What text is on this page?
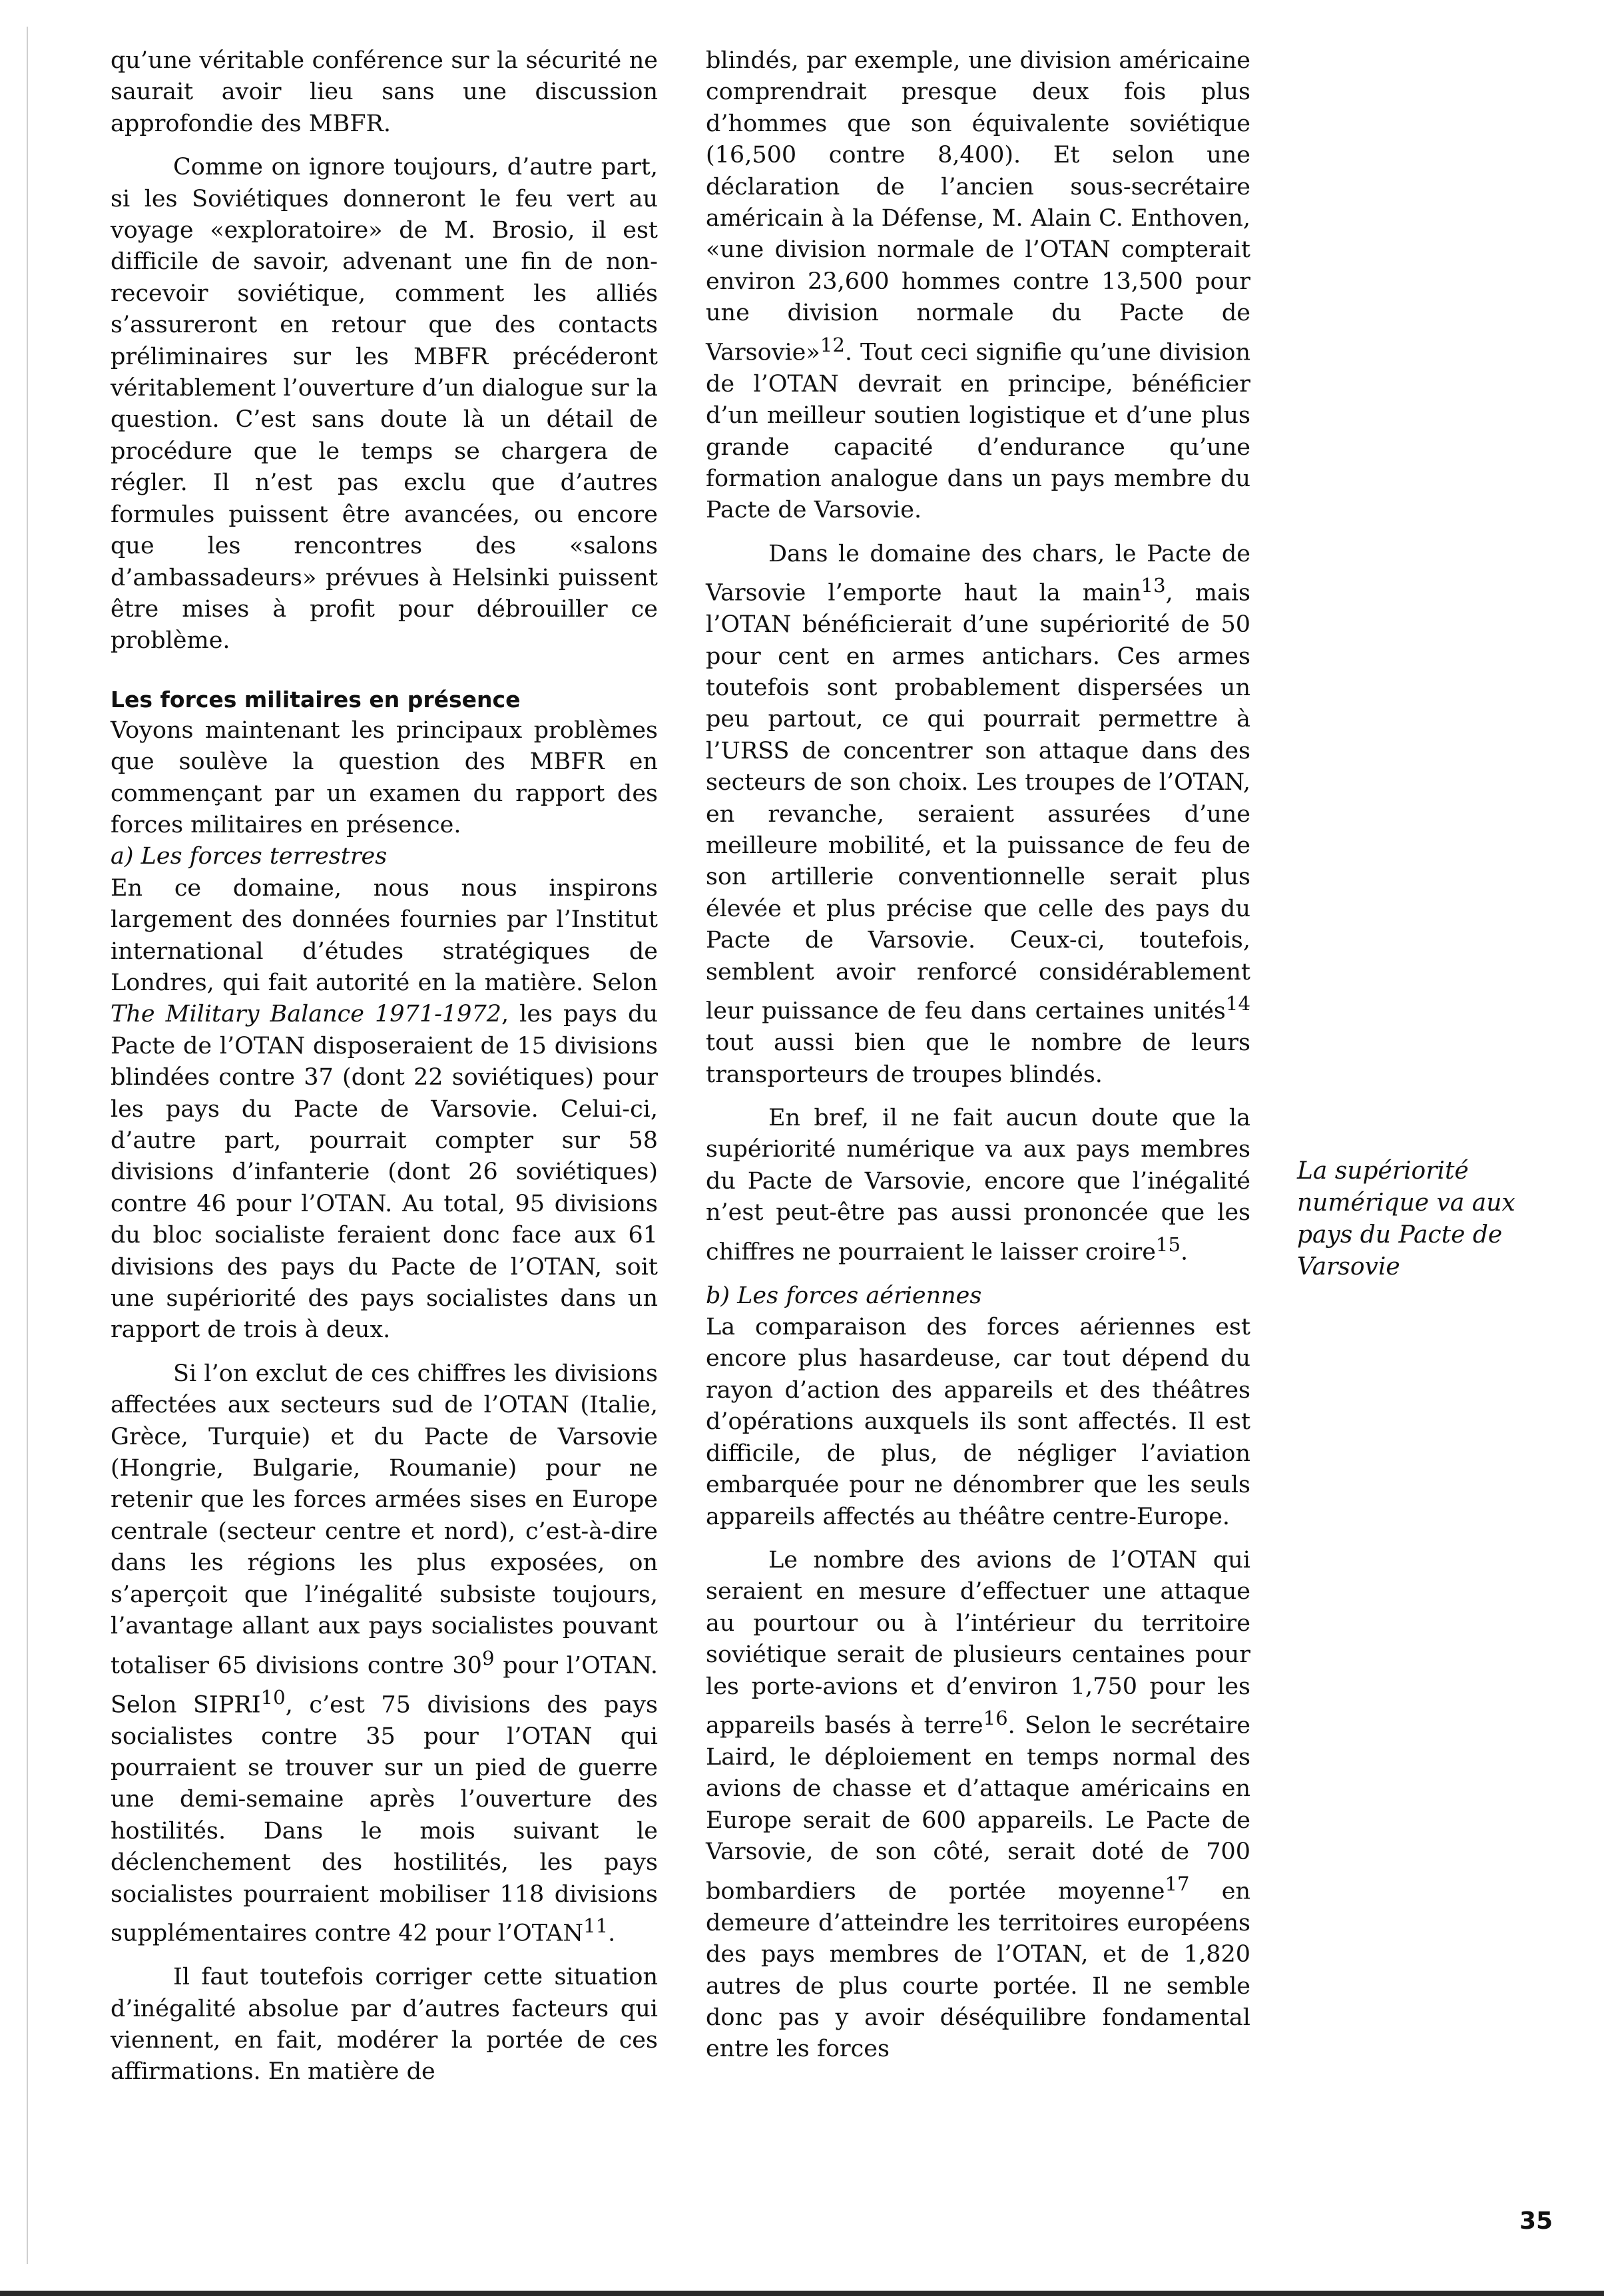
qu’une véritable conférence sur la sécurité ne saurait avoir lieu sans une discussion approfondie des MBFR.

Comme on ignore toujours, d’autre part, si les Soviétiques donneront le feu vert au voyage «exploratoire» de M. Brosio, il est difficile de savoir, advenant une fin de non-recevoir soviétique, comment les alliés s’assureront en retour que des contacts préliminaires sur les MBFR précéderont véritablement l’ouverture d’un dialogue sur la question. C’est sans doute là un détail de procédure que le temps se chargera de régler. Il n’est pas exclu que d’autres formules puissent être avancées, ou encore que les rencontres des «salons d’ambassadeurs» prévues à Helsinki puissent être mises à profit pour débrouiller ce problème.

Les forces militaires en présence

Voyons maintenant les principaux problèmes que soulève la question des MBFR en commençant par un examen du rapport des forces militaires en présence.

a) Les forces terrestres

En ce domaine, nous nous inspirons largement des données fournies par l’Institut international d’études stratégiques de Londres, qui fait autorité en la matière. Selon The Military Balance 1971-1972, les pays du Pacte de l’OTAN disposeraient de 15 divisions blindées contre 37 (dont 22 soviétiques) pour les pays du Pacte de Varsovie. Celui-ci, d’autre part, pourrait compter sur 58 divisions d’infanterie (dont 26 soviétiques) contre 46 pour l’OTAN. Au total, 95 divisions du bloc socialiste feraient donc face aux 61 divisions des pays du Pacte de l’OTAN, soit une supériorité des pays socialistes dans un rapport de trois à deux.

Si l’on exclut de ces chiffres les divisions affectées aux secteurs sud de l’OTAN (Italie, Grèce, Turquie) et du Pacte de Varsovie (Hongrie, Bulgarie, Roumanie) pour ne retenir que les forces armées sises en Europe centrale (secteur centre et nord), c’est-à-dire dans les régions les plus exposées, on s’aperçoit que l’inégalité subsiste toujours, l’avantage allant aux pays socialistes pouvant totaliser 65 divisions contre $30^9$ pour l’OTAN. Selon SIPRI$^{10}$, c’est 75 divisions des pays socialistes contre 35 pour l’OTAN qui pourraient se trouver sur un pied de guerre une demi-semaine après l’ouverture des hostilités. Dans le mois suivant le déclenchement des hostilités, les pays socialistes pourraient mobiliser 118 divisions supplémentaires contre 42 pour l’OTAN$^{11}$.

Il faut toutefois corriger cette situation d’inégalité absolue par d’autres facteurs qui viennent, en fait, modérer la portée de ces affirmations. En matière de

blindés, par exemple, une division américaine comprendrait presque deux fois plus d’hommes que son équivalente soviétique (16,500 contre 8,400). Et selon une déclaration de l’ancien sous-secrétaire américain à la Défense, M. Alain C. Enthoven, «une division normale de l’OTAN compterait environ 23,600 hommes contre 13,500 pour une division normale du Pacte de Varsovie»$^{12}$. Tout ceci signifie qu’une division de l’OTAN devrait en principe, bénéficier d’un meilleur soutien logistique et d’une plus grande capacité d’endurance qu’une formation analogue dans un pays membre du Pacte de Varsovie.

Dans le domaine des chars, le Pacte de Varsovie l’emporte haut la main$^{13}$, mais l’OTAN bénéficierait d’une supériorité de 50 pour cent en armes antichars. Ces armes toutefois sont probablement dispersées un peu partout, ce qui pourrait permettre à l’URSS de concentrer son attaque dans des secteurs de son choix. Les troupes de l’OTAN, en revanche, seraient assurées d’une meilleure mobilité, et la puissance de feu de son artillerie conventionnelle serait plus élevée et plus précise que celle des pays du Pacte de Varsovie. Ceux-ci, toutefois, semblent avoir renforcé considérablement leur puissance de feu dans certaines unités$^{14}$ tout aussi bien que le nombre de leurs transporteurs de troupes blindés.

En bref, il ne fait aucun doute que la supériorité numérique va aux pays membres du Pacte de Varsovie, encore que l’inégalité n’est peut-être pas aussi prononcée que les chiffres ne pourraient le laisser croire$^{15}$.

b) Les forces aériennes

La comparaison des forces aériennes est encore plus hasardeuse, car tout dépend du rayon d’action des appareils et des théâtres d’opérations auxquels ils sont affectés. Il est difficile, de plus, de négliger l’aviation embarquée pour ne dénombrer que les seuls appareils affectés au théâtre centre-Europe.

Le nombre des avions de l’OTAN qui seraient en mesure d’effectuer une attaque au pourtour ou à l’intérieur du territoire soviétique serait de plusieurs centaines pour les porte-avions et d’environ 1,750 pour les appareils basés à terre$^{16}$. Selon le secrétaire Laird, le déploiement en temps normal des avions de chasse et d’attaque américains en Europe serait de 600 appareils. Le Pacte de Varsovie, de son côté, serait doté de 700 bombardiers de portée moyenne$^{17}$ en demeure d’atteindre les territoires européens des pays membres de l’OTAN, et de 1,820 autres de plus courte portée. Il ne semble donc pas y avoir déséquilibre fondamental entre les forces

La supériorité numérique va aux pays du Pacte de Varsovie
35
